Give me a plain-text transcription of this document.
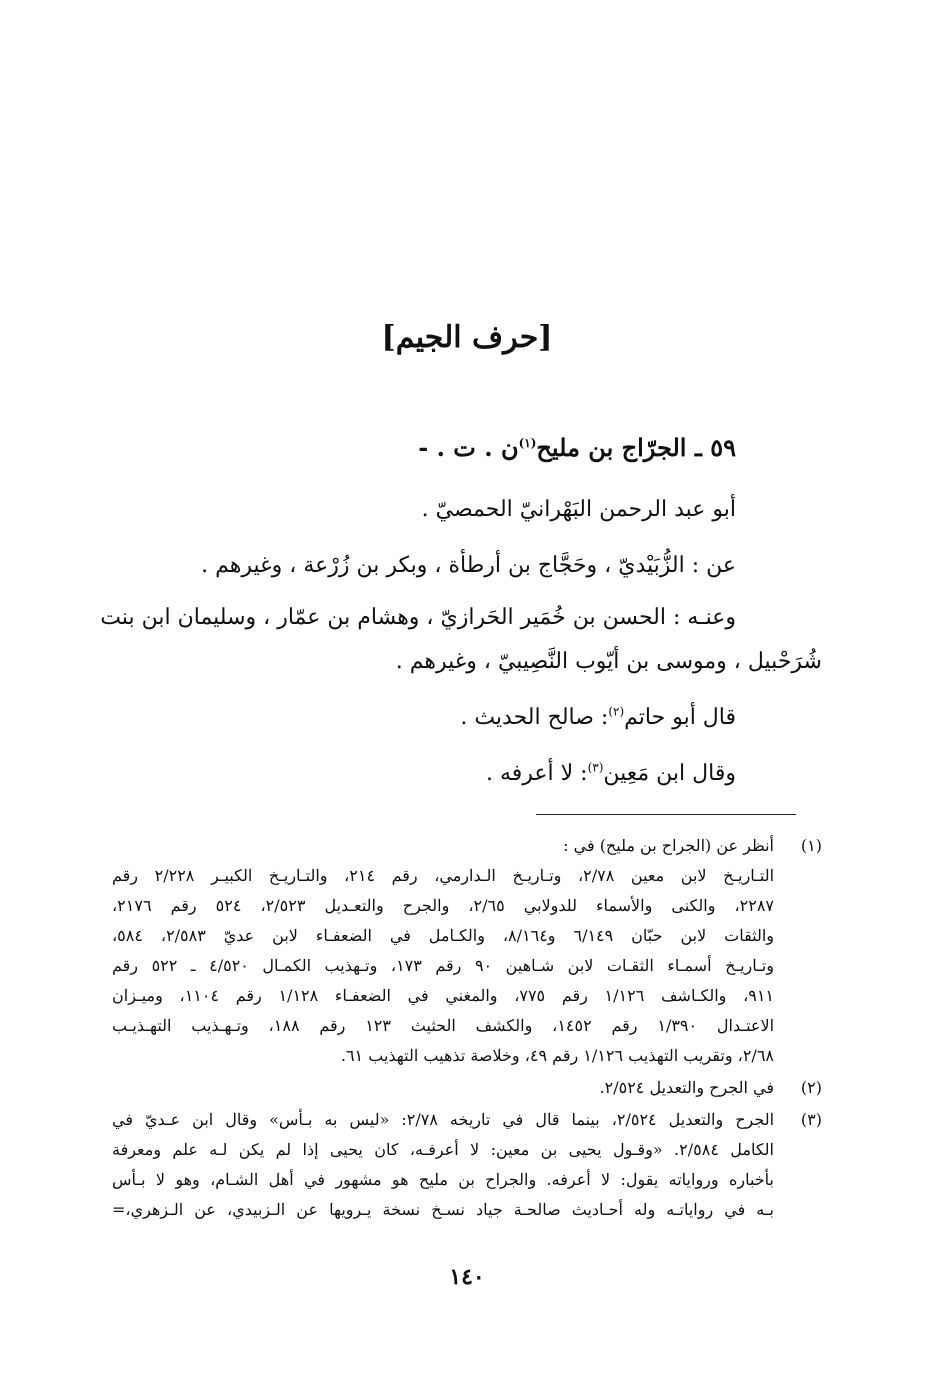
[حرف الجيم]
٥٩ ـ الجرّاج بن مليح$^{(١)}$ن . ت . -
أبو عبد الرحمن البَهْرانيّ الحمصيّ .
عن : الزُّبَيْديّ ، وحَجَّاج بن أرطأة ، وبكر بن زُرْعة ، وغيرهم .
وعنـه : الحسن بن خُمَير الحَرازيّ ، وهشام بن عمّار ، وسليمان ابن بنت
شُرَحْبيل ، وموسى بن أيّوب النَّصِيبيّ ، وغيرهم .
قال أبو حاتم$^{(٢)}$: صالح الحديث .
وقال ابن مَعِين$^{(٣)}$: لا أعرفه .
(١)
أنظر عن (الجراح بن مليح) في :
التـاريـخ لابن معين ٢/٧٨، وتـاريـخ الـدارمي، رقم ٢١٤، والتـاريـخ الكبيـر ٢/٢٢٨ رقم
٢٢٨٧، والكنى والأسماء للدولابي ٢/٦٥، والجرح والتعـديل ٢/٥٢٣، ٥٢٤ رقم ٢١٧٦،
والثقات لابن حبّان ٦/١٤٩ و٨/١٦٤، والكـامل في الضعفـاء لابن عديّ ٢/٥٨٣، ٥٨٤،
وتـاريـخ أسمـاء الثقـات لابن شـاهين ٩٠ رقم ١٧٣، وتـهذيب الكمـال ٤/٥٢٠ ـ ٥٢٢ رقم
٩١١، والكـاشف ١/١٢٦ رقم ٧٧٥، والمغني في الضعفـاء ١/١٢٨ رقم ١١٠٤، وميـزان
الاعتـدال ١/٣٩٠ رقم ١٤٥٢، والكشف الحثيث ١٢٣ رقم ١٨٨، وتـهـذيب التهـذيـب
٢/٦٨، وتقريب التهذيب ١/١٢٦ رقم ٤٩، وخلاصة تذهيب التهذيب ٦١.
(٢)
في الجرح والتعديل ٢/٥٢٤.
(٣)
الجرح والتعديل ٢/٥٢٤، بينما قال في تاريخه ٢/٧٨: «ليس به بـأس» وقال ابن عـديّ في
الكامل ٢/٥٨٤. «وقـول يحيى بن معين: لا أعرفـه، كان يحيى إذا لم يكن لـه علم ومعرفة
بأخباره ورواياته يقول: لا أعرفه. والجراح بن مليح هو مشهور في أهل الشـام، وهو لا بـأس
بـه في رواياتـه وله أحـاديث صالحـة جياد نسـخ نسخة يـرويها عن الـزبيدي، عن الـزهري،=
١٤٠
